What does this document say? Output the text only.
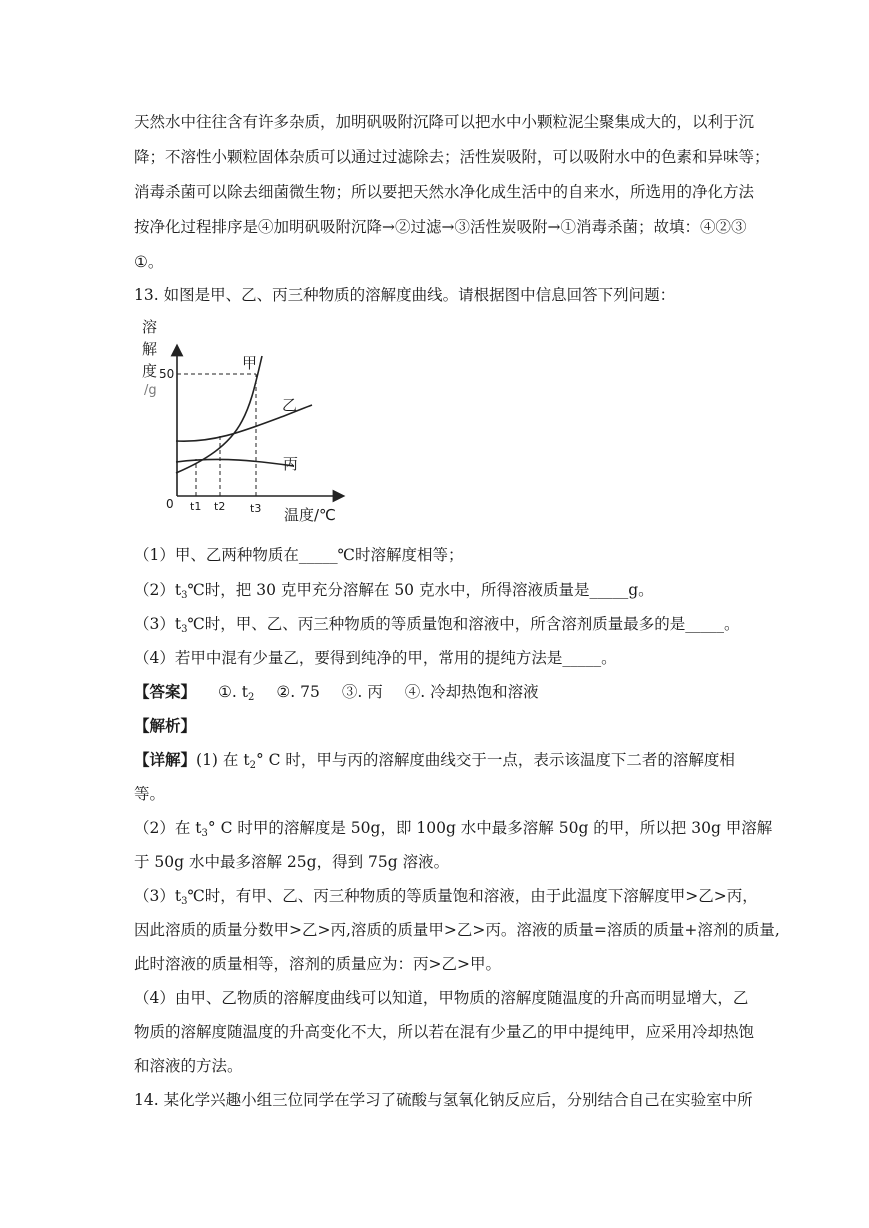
天然水中往往含有许多杂质，加明矾吸附沉降可以把水中小颗粒泥尘聚集成大的，以利于沉
降；不溶性小颗粒固体杂质可以通过过滤除去；活性炭吸附，可以吸附水中的色素和异味等；
消毒杀菌可以除去细菌微生物；所以要把天然水净化成生活中的自来水，所选用的净化方法
按净化过程排序是④加明矾吸附沉降→②过滤→③活性炭吸附→①消毒杀菌；故填：④②③
①。
13. 如图是甲、乙、丙三种物质的溶解度曲线。请根据图中信息回答下列问题：
溶
解
度
/g
50
甲
乙
丙
0 t1 t2 t3 温度/℃
（1）甲、乙两种物质在_____℃时溶解度相等；
$(2)t_3℃$时，把 30 克甲充分溶解在 50 克水中，所得溶液质量是_____g。
$(3)t_3℃$时，甲、乙、丙三种物质的等质量饱和溶液中，所含溶剂质量最多的是_____。
（4）若甲中混有少量乙，要得到纯净的甲，常用的提纯方法是_____。
【答案】 ①. $t_2$ ②. 75 ③. 丙 ④. 冷却热饱和溶液
【解析】
【详解】(1) 在 $t_2^\circ$ C 时，甲与丙的溶解度曲线交于一点，表示该温度下二者的溶解度相
等。
（2）在 $t_3^\circ$ C 时甲的溶解度是 50g，即 100g 水中最多溶解 50g 的甲，所以把 30g 甲溶解
于 50g 水中最多溶解 25g，得到 75g 溶液。
$(3)t_3℃$时，有甲、乙、丙三种物质的等质量饱和溶液，由于此温度下溶解度甲>乙>丙，
因此溶质的质量分数甲>乙>丙,溶质的质量甲>乙>丙。溶液的质量=溶质的质量+溶剂的质量,
此时溶液的质量相等，溶剂的质量应为：丙>乙>甲。
（4）由甲、乙物质的溶解度曲线可以知道，甲物质的溶解度随温度的升高而明显增大，乙
物质的溶解度随温度的升高变化不大，所以若在混有少量乙的甲中提纯甲，应采用冷却热饱
和溶液的方法。
14. 某化学兴趣小组三位同学在学习了硫酸与氢氧化钠反应后，分别结合自己在实验室中所
